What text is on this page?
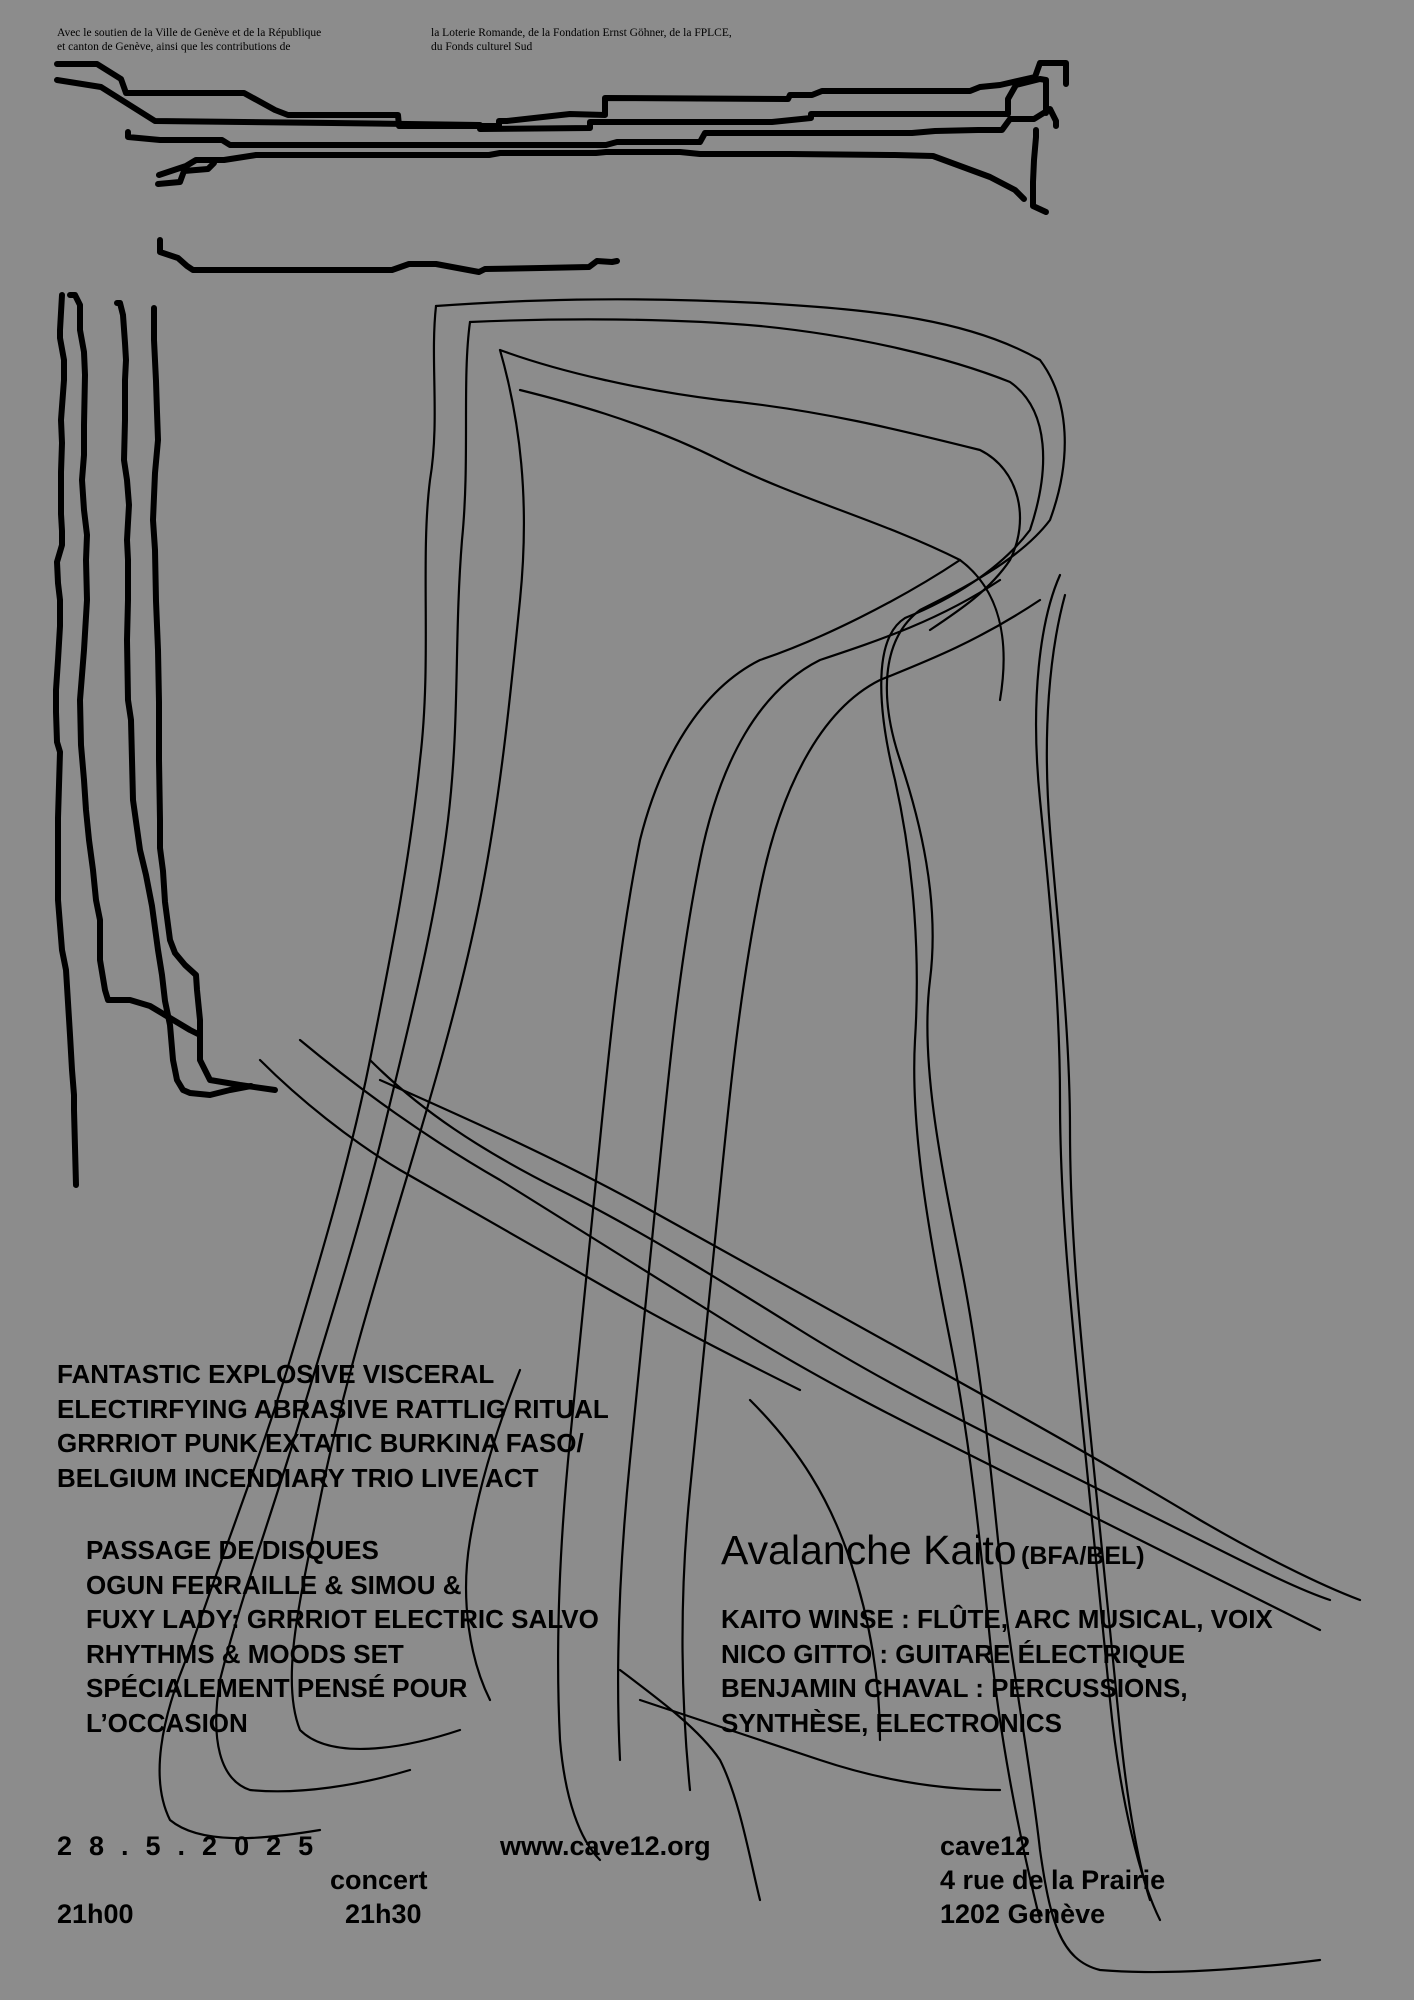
Avec le soutien de la Ville de Genève et de la République
et canton de Genève, ainsi que les contributions de
la Loterie Romande, de la Fondation Ernst Göhner, de la FPLCE,
du Fonds culturel Sud
FANTASTIC EXPLOSIVE VISCERAL
ELECTIRFYING ABRASIVE RATTLIG RITUAL
GRRRIOT PUNK EXTATIC BURKINA FASO/
BELGIUM INCENDIARY TRIO LIVE ACT
PASSAGE DE DISQUES
OGUN FERRAILLE & SIMOU &
FUXY LADY: GRRRIOT ELECTRIC SALVO
RHYTHMS & MOODS SET
SPÉCIALEMENT PENSÉ POUR
L’OCCASION
Avalanche Kaito (BFA/BEL)
KAITO WINSE : FLÛTE, ARC MUSICAL, VOIX
NICO GITTO : GUITARE ÉLECTRIQUE
BENJAMIN CHAVAL : PERCUSSIONS,
SYNTHÈSE, ELECTRONICS
28.5.2025
21h00
www.cave12.org
concert
21h30
cave12
4 rue de la Prairie
1202 Genève
